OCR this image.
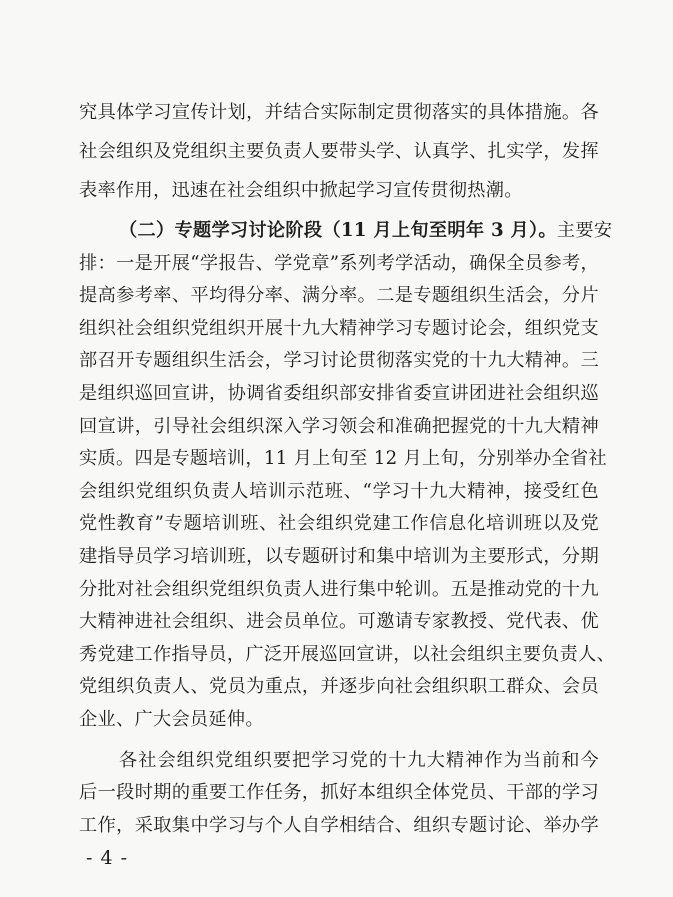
究具体学习宣传计划，并结合实际制定贯彻落实的具体措施。各
社会组织及党组织主要负责人要带头学、认真学、扎实学，发挥
表率作用，迅速在社会组织中掀起学习宣传贯彻热潮。
（二）专题学习讨论阶段（11 月上旬至明年 3 月）。主要安
排：一是开展“学报告、学党章”系列考学活动，确保全员参考，
提高参考率、平均得分率、满分率。二是专题组织生活会，分片
组织社会组织党组织开展十九大精神学习专题讨论会，组织党支
部召开专题组织生活会，学习讨论贯彻落实党的十九大精神。三
是组织巡回宣讲，协调省委组织部安排省委宣讲团进社会组织巡
回宣讲，引导社会组织深入学习领会和准确把握党的十九大精神
实质。四是专题培训，11 月上旬至 12 月上旬，分别举办全省社
会组织党组织负责人培训示范班、“学习十九大精神，接受红色
党性教育”专题培训班、社会组织党建工作信息化培训班以及党
建指导员学习培训班，以专题研讨和集中培训为主要形式，分期
分批对社会组织党组织负责人进行集中轮训。五是推动党的十九
大精神进社会组织、进会员单位。可邀请专家教授、党代表、优
秀党建工作指导员，广泛开展巡回宣讲，以社会组织主要负责人、
党组织负责人、党员为重点，并逐步向社会组织职工群众、会员
企业、广大会员延伸。
各社会组织党组织要把学习党的十九大精神作为当前和今
后一段时期的重要工作任务，抓好本组织全体党员、干部的学习
工作，采取集中学习与个人自学相结合、组织专题讨论、举办学
- 4 -
